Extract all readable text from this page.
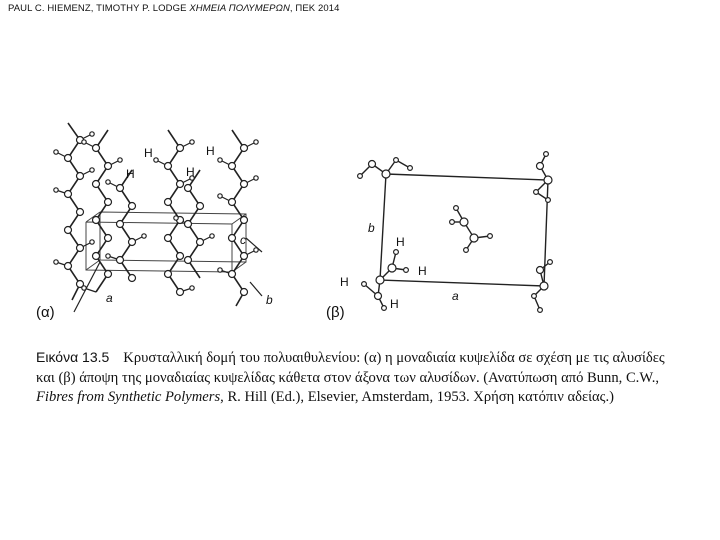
PAUL C. HIEMENZ, TIMOTHY P. LODGE ΧΗΜΕΙΑ ΠΟΛΥΜΕΡΩΝ, ΠΕΚ 2014
H	H
H	H
a	b
c
b
a
H
H
H
H
(α)	(β)
Εικόνα 13.5 Κρυσταλλική δομή του πολυαιθυλενίου: (α) η μοναδιαία κυψελίδα σε σχέση με τις αλυσίδες και (β) άποψη της μοναδιαίας κυψελίδας κάθετα στον άξονα των αλυσίδων. (Ανατύπωση από Bunn, C.W., Fibres from Synthetic Polymers, R. Hill (Ed.), Elsevier, Amsterdam, 1953. Χρήση κατόπιν αδείας.)
